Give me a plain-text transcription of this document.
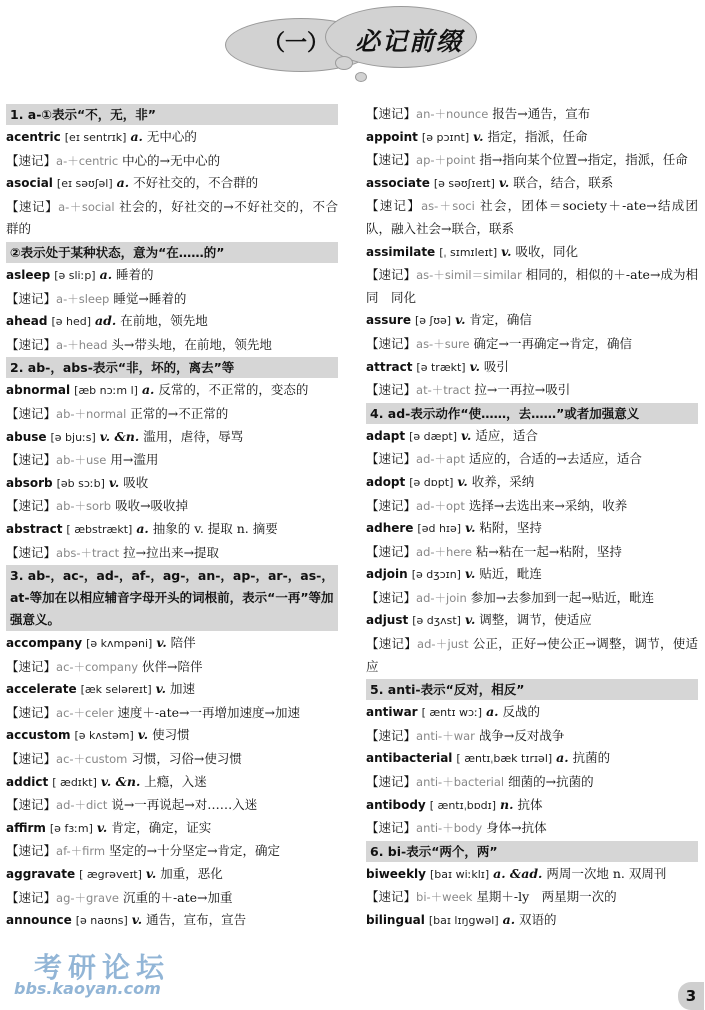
（一） 必记前缀
1. a-①表示“不，无，非”
acentric [eɪ sentrɪk] a. 无中心的
【速记】a-＋centric 中心的→无中心的
asocial [eɪ səʊʃəl] a. 不好社交的，不合群的
【速记】a-＋social 社会的，好社交的→不好社交的，不合群的
②表示处于某种状态，意为“在……的”
asleep [ə sliːp] a. 睡着的
【速记】a-＋sleep 睡觉→睡着的
ahead [ə hed] ad. 在前地，领先地
【速记】a-＋head 头→带头地，在前地，领先地
2. ab-，abs-表示“非，坏的，离去”等
abnormal [æb nɔːm l] a. 反常的，不正常的，变态的
【速记】ab-＋normal 正常的→不正常的
abuse [ə bjuːs] v. &n. 滥用，虐待，辱骂
【速记】ab-＋use 用→滥用
absorb [əb sɔːb] v. 吸收
【速记】ab-＋sorb 吸收→吸收掉
abstract [ æbstrækt] a. 抽象的 v. 提取 n. 摘要
【速记】abs-＋tract 拉→拉出来→提取
3. ab-，ac-，ad-，af-，ag-，an-，ap-，ar-，as-，at-等加在以相应辅音字母开头的词根前，表示“一再”等加强意义。
accompany [ə kʌmpəni] v. 陪伴
【速记】ac-＋company 伙伴→陪伴
accelerate [æk seləreɪt] v. 加速
【速记】ac-＋celer 速度＋-ate→一再增加速度→加速
accustom [ə kʌstəm] v. 使习惯
【速记】ac-＋custom 习惯，习俗→使习惯
addict [ ædɪkt] v. &n. 上瘾，入迷
【速记】ad-＋dict 说→一再说起→对……入迷
affirm [ə fɜːm] v. 肯定，确定，证实
【速记】af-＋firm 坚定的→十分坚定→肯定，确定
aggravate [ ægrəveɪt] v. 加重，恶化
【速记】ag-＋grave 沉重的＋-ate→加重
announce [ə naʊns] v. 通告，宣布，宣告
【速记】an-＋nounce 报告→通告，宣布
appoint [ə pɔɪnt] v. 指定，指派，任命
【速记】ap-＋point 指→指向某个位置→指定，指派，任命
associate [ə səʊʃɪeɪt] v. 联合，结合，联系
【速记】as-＋soci 社会，团体＝society＋-ate→结成团队，融入社会→联合，联系
assimilate [ˌ sɪmɪleɪt] v. 吸收，同化
【速记】as-＋simil＝similar 相同的，相似的＋-ate→成为相同　同化
assure [ə ʃʊə] v. 肯定，确信
【速记】as-＋sure 确定→一再确定→肯定，确信
attract [ə trækt] v. 吸引
【速记】at-＋tract 拉→一再拉→吸引
4. ad-表示动作“使……，去……”或者加强意义
adapt [ə dæpt] v. 适应，适合
【速记】ad-＋apt 适应的，合适的→去适应，适合
adopt [ə dɒpt] v. 收养，采纳
【速记】ad-＋opt 选择→去选出来→采纳，收养
adhere [əd hɪə] v. 粘附，坚持
【速记】ad-＋here 粘→粘在一起→粘附，坚持
adjoin [ə dʒɔɪn] v. 贴近，毗连
【速记】ad-＋join 参加→去参加到一起→贴近，毗连
adjust [ə dʒʌst] v. 调整，调节，使适应
【速记】ad-＋just 公正，正好→使公正→调整，调节，使适应
5. anti-表示“反对，相反”
antiwar [ æntɪ wɔː] a. 反战的
【速记】anti-＋war 战争→反对战争
antibacterial [ æntɪˌbæk tɪrɪəl] a. 抗菌的
【速记】anti-＋bacterial 细菌的→抗菌的
antibody [ æntɪˌbɒdɪ] n. 抗体
【速记】anti-＋body 身体→抗体
6. bi-表示“两个，两”
biweekly [baɪ wiːklɪ] a. &ad. 两周一次地 n. 双周刊
【速记】bi-＋week 星期＋-ly　两星期一次的
bilingual [baɪ lɪŋgwəl] a. 双语的
考研论坛
bbs.kaoyan.com	3
